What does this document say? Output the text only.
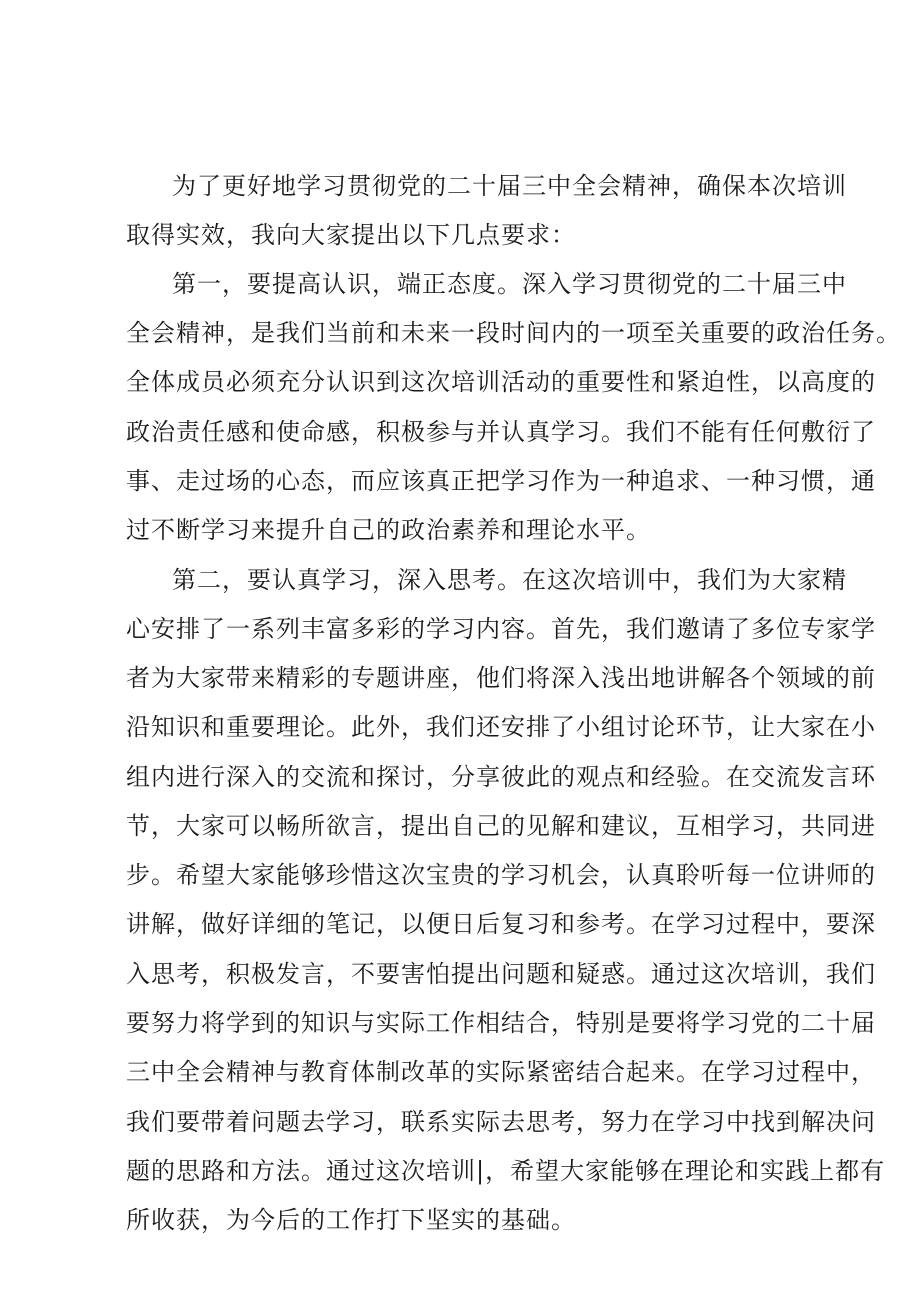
为了更好地学习贯彻党的二十届三中全会精神，确保本次培训

取得实效，我向大家提出以下几点要求：

第一，要提高认识，端正态度。深入学习贯彻党的二十届三中

全会精神，是我们当前和未来一段时间内的一项至关重要的政治任务。

全体成员必须充分认识到这次培训活动的重要性和紧迫性，以高度的

政治责任感和使命感，积极参与并认真学习。我们不能有任何敷衍了

事、走过场的心态，而应该真正把学习作为一种追求、一种习惯，通

过不断学习来提升自己的政治素养和理论水平。

第二，要认真学习，深入思考。在这次培训中，我们为大家精

心安排了一系列丰富多彩的学习内容。首先，我们邀请了多位专家学

者为大家带来精彩的专题讲座，他们将深入浅出地讲解各个领域的前

沿知识和重要理论。此外，我们还安排了小组讨论环节，让大家在小

组内进行深入的交流和探讨，分享彼此的观点和经验。在交流发言环

节，大家可以畅所欲言，提出自己的见解和建议，互相学习，共同进

步。希望大家能够珍惜这次宝贵的学习机会，认真聆听每一位讲师的

讲解，做好详细的笔记，以便日后复习和参考。在学习过程中，要深

入思考，积极发言，不要害怕提出问题和疑惑。通过这次培训，我们

要努力将学到的知识与实际工作相结合，特别是要将学习党的二十届

三中全会精神与教育体制改革的实际紧密结合起来。在学习过程中，

我们要带着问题去学习，联系实际去思考，努力在学习中找到解决问

题的思路和方法。通过这次培训|，希望大家能够在理论和实践上都有

所收获，为今后的工作打下坚实的基础。
